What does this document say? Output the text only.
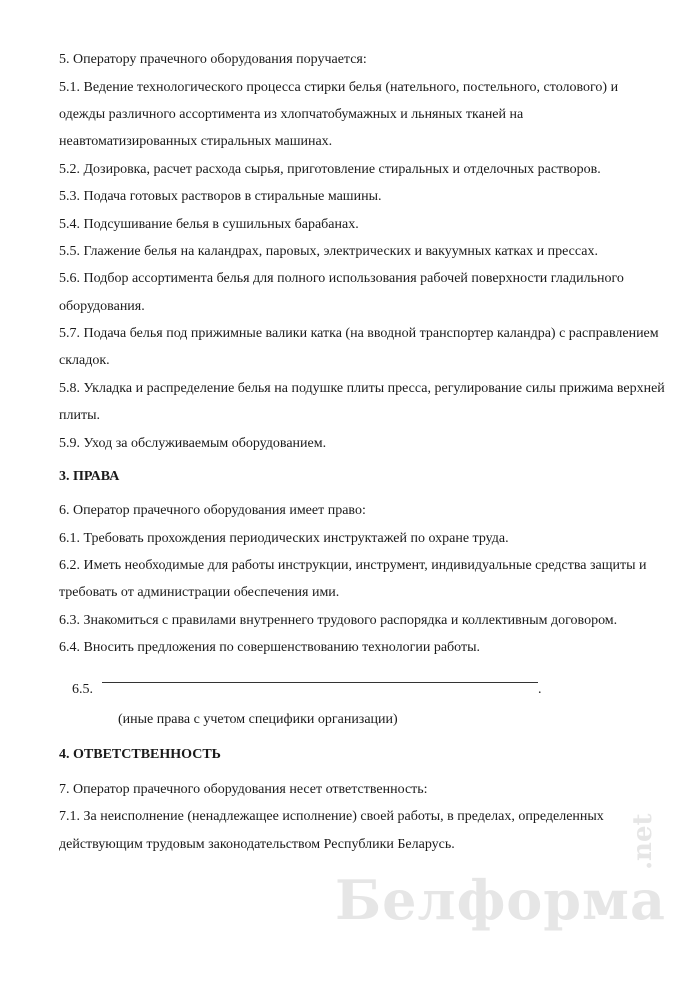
5. Оператору прачечного оборудования поручается:
5.1. Ведение технологического процесса стирки белья (нательного, постельного, столового) и
одежды различного ассортимента из хлопчатобумажных и льняных тканей на
неавтоматизированных стиральных машинах.
5.2. Дозировка, расчет расхода сырья, приготовление стиральных и отделочных растворов.
5.3. Подача готовых растворов в стиральные машины.
5.4. Подсушивание белья в сушильных барабанах.
5.5. Глажение белья на каландрах, паровых, электрических и вакуумных катках и прессах.
5.6. Подбор ассортимента белья для полного использования рабочей поверхности гладильного
оборудования.
5.7. Подача белья под прижимные валики катка (на вводной транспортер каландра) с расправлением
складок.
5.8. Укладка и распределение белья на подушке плиты пресса, регулирование силы прижима верхней
плиты.
5.9. Уход за обслуживаемым оборудованием.
3. ПРАВА
6. Оператор прачечного оборудования имеет право:
6.1. Требовать прохождения периодических инструктажей по охране труда.
6.2. Иметь необходимые для работы инструкции, инструмент, индивидуальные средства защиты и
требовать от администрации обеспечения ими.
6.3. Знакомиться с правилами внутреннего трудового распорядка и коллективным договором.
6.4. Вносить предложения по совершенствованию технологии работы.
6.5.	.
(иные права с учетом специфики организации)
4. ОТВЕТСТВЕННОСТЬ
7. Оператор прачечного оборудования несет ответственность:
7.1. За неисполнение (ненадлежащее исполнение) своей работы, в пределах, определенных
действующим трудовым законодательством Республики Беларусь.
Белформа
.net
